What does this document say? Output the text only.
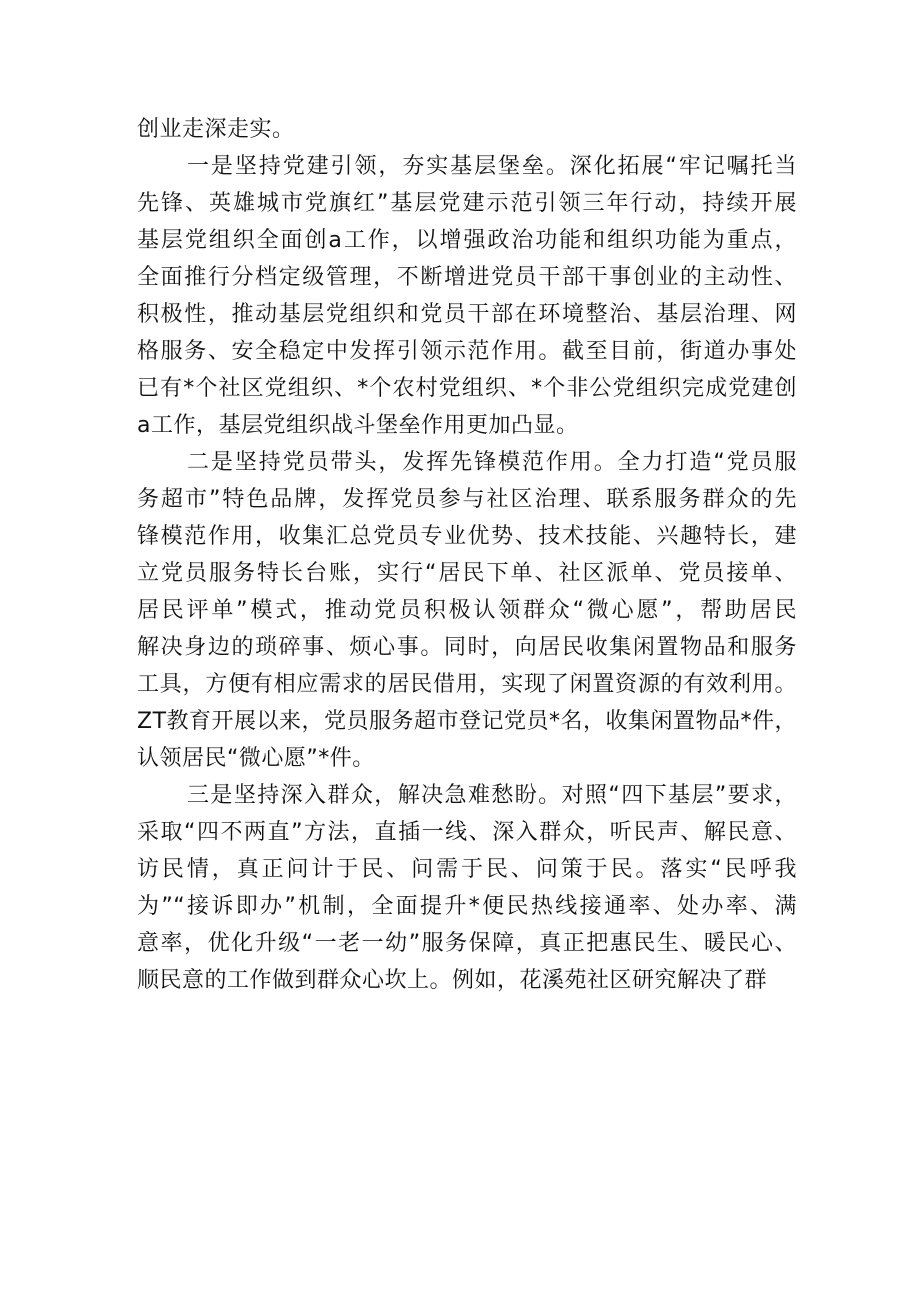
创业走深走实。
一是坚持党建引领，夯实基层堡垒。深化拓展“牢记嘱托当
先锋、英雄城市党旗红”基层党建示范引领三年行动，持续开展
基层党组织全面创a工作，以增强政治功能和组织功能为重点，
全面推行分档定级管理，不断增进党员干部干事创业的主动性、
积极性，推动基层党组织和党员干部在环境整治、基层治理、网
格服务、安全稳定中发挥引领示范作用。截至目前，街道办事处
已有*个社区党组织、*个农村党组织、*个非公党组织完成党建创
a工作，基层党组织战斗堡垒作用更加凸显。
二是坚持党员带头，发挥先锋模范作用。全力打造“党员服
务超市”特色品牌，发挥党员参与社区治理、联系服务群众的先
锋模范作用，收集汇总党员专业优势、技术技能、兴趣特长，建
立党员服务特长台账，实行“居民下单、社区派单、党员接单、
居民评单”模式，推动党员积极认领群众“微心愿”，帮助居民
解决身边的琐碎事、烦心事。同时，向居民收集闲置物品和服务
工具，方便有相应需求的居民借用，实现了闲置资源的有效利用。
ZT教育开展以来，党员服务超市登记党员*名，收集闲置物品*件，
认领居民“微心愿”*件。
三是坚持深入群众，解决急难愁盼。对照“四下基层”要求，
采取“四不两直”方法，直插一线、深入群众，听民声、解民意、
访民情，真正问计于民、问需于民、问策于民。落实“民呼我
为”“接诉即办”机制，全面提升*便民热线接通率、处办率、满
意率，优化升级“一老一幼”服务保障，真正把惠民生、暖民心、
顺民意的工作做到群众心坎上。例如，花溪苑社区研究解决了群
